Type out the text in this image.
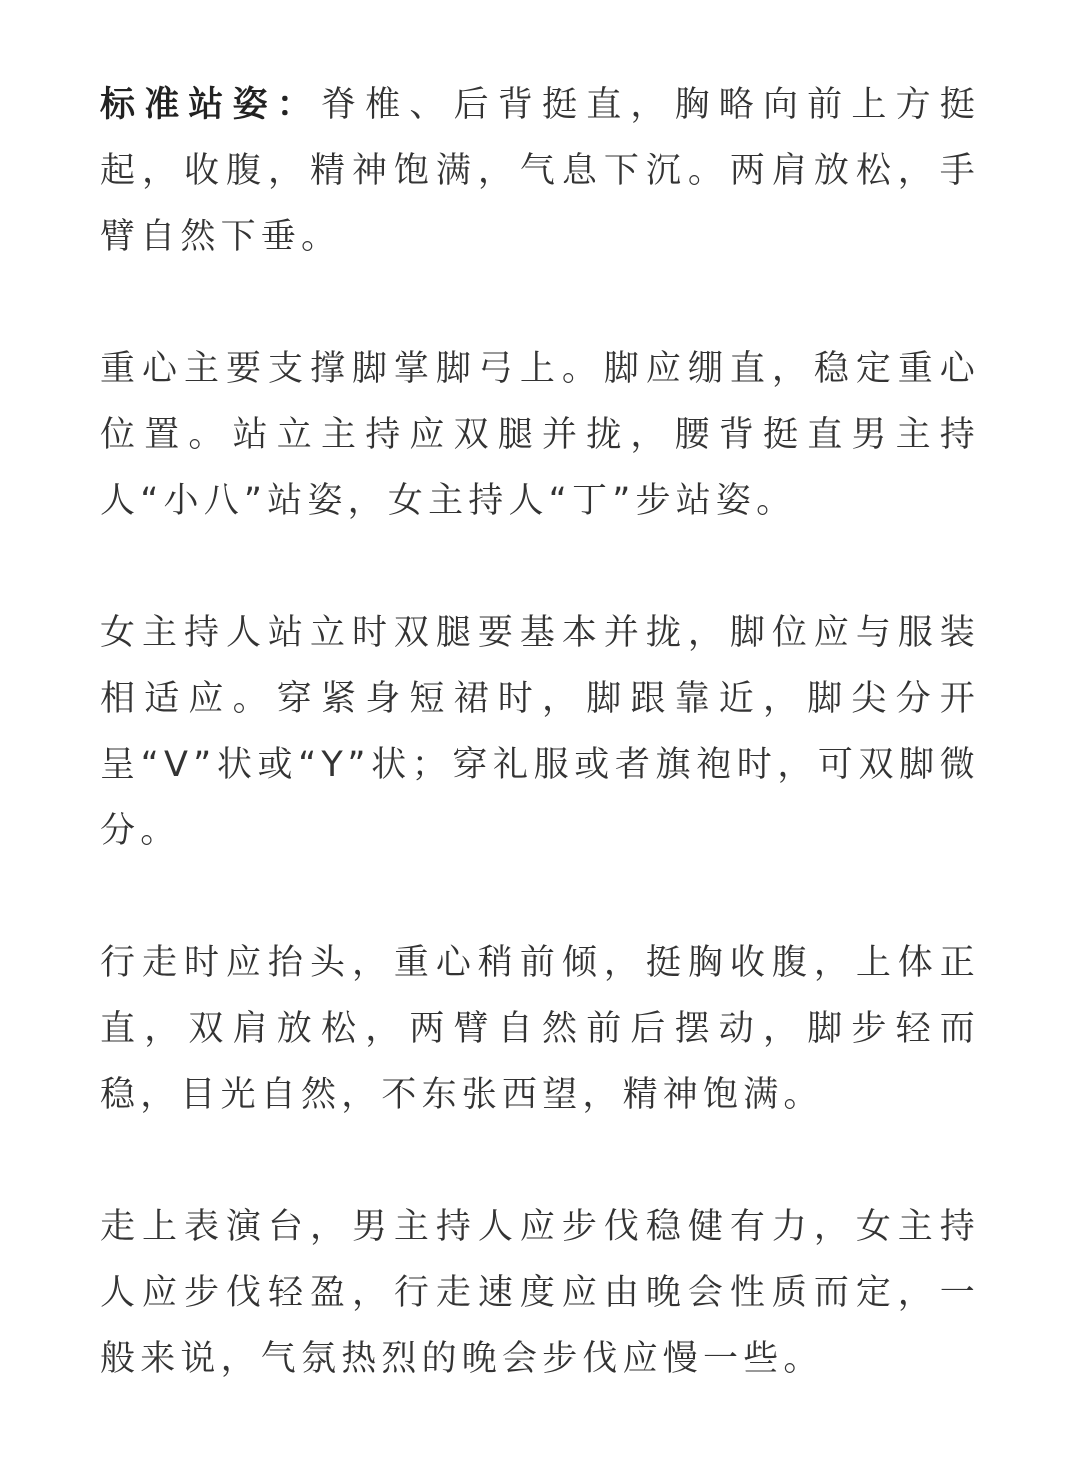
标准站姿：脊椎、后背挺直，胸略向前上方挺起，收腹，精神饱满，气息下沉。两肩放松，手臂自然下垂。

重心主要支撑脚掌脚弓上。脚应绷直，稳定重心位置。站立主持应双腿并拢，腰背挺直男主持人“小八”站姿，女主持人“丁”步站姿。

女主持人站立时双腿要基本并拢，脚位应与服装相适应。穿紧身短裙时，脚跟靠近，脚尖分开呈“V”状或“Y”状；穿礼服或者旗袍时，可双脚微分。

行走时应抬头，重心稍前倾，挺胸收腹，上体正直，双肩放松，两臂自然前后摆动，脚步轻而稳，目光自然，不东张西望，精神饱满。

走上表演台，男主持人应步伐稳健有力，女主持人应步伐轻盈，行走速度应由晚会性质而定，一般来说，气氛热烈的晚会步伐应慢一些。
